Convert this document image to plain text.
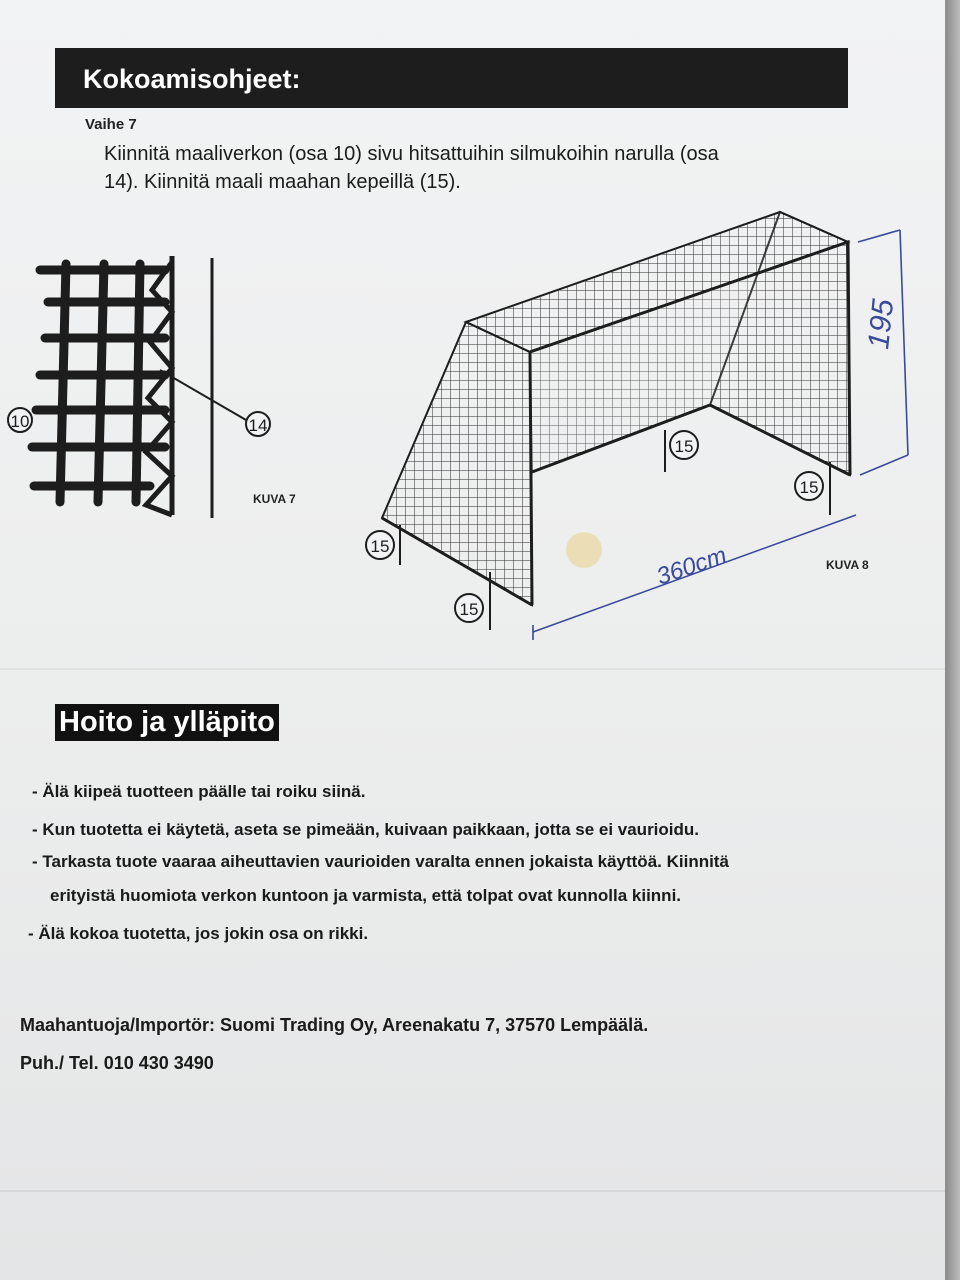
Kokoamisohjeet:
Vaihe 7
Kiinnitä maaliverkon (osa 10) sivu hitsattuihin silmukoihin narulla (osa
14). Kiinnitä maali maahan kepeillä (15).
14
10
KUVA 7
15
15
15
15
195
360cm	KUVA 8
Hoito ja ylläpito
- Älä kiipeä tuotteen päälle tai roiku siinä.
- Kun tuotetta ei käytetä, aseta se pimeään, kuivaan paikkaan, jotta se ei vaurioidu.
- Tarkasta tuote vaaraa aiheuttavien vaurioiden varalta ennen jokaista käyttöä. Kiinnitä
erityistä huomiota verkon kuntoon ja varmista, että tolpat ovat kunnolla kiinni.
- Älä kokoa tuotetta, jos jokin osa on rikki.
Maahantuoja/Importör: Suomi Trading Oy, Areenakatu 7, 37570 Lempäälä.
Puh./ Tel. 010 430 3490
